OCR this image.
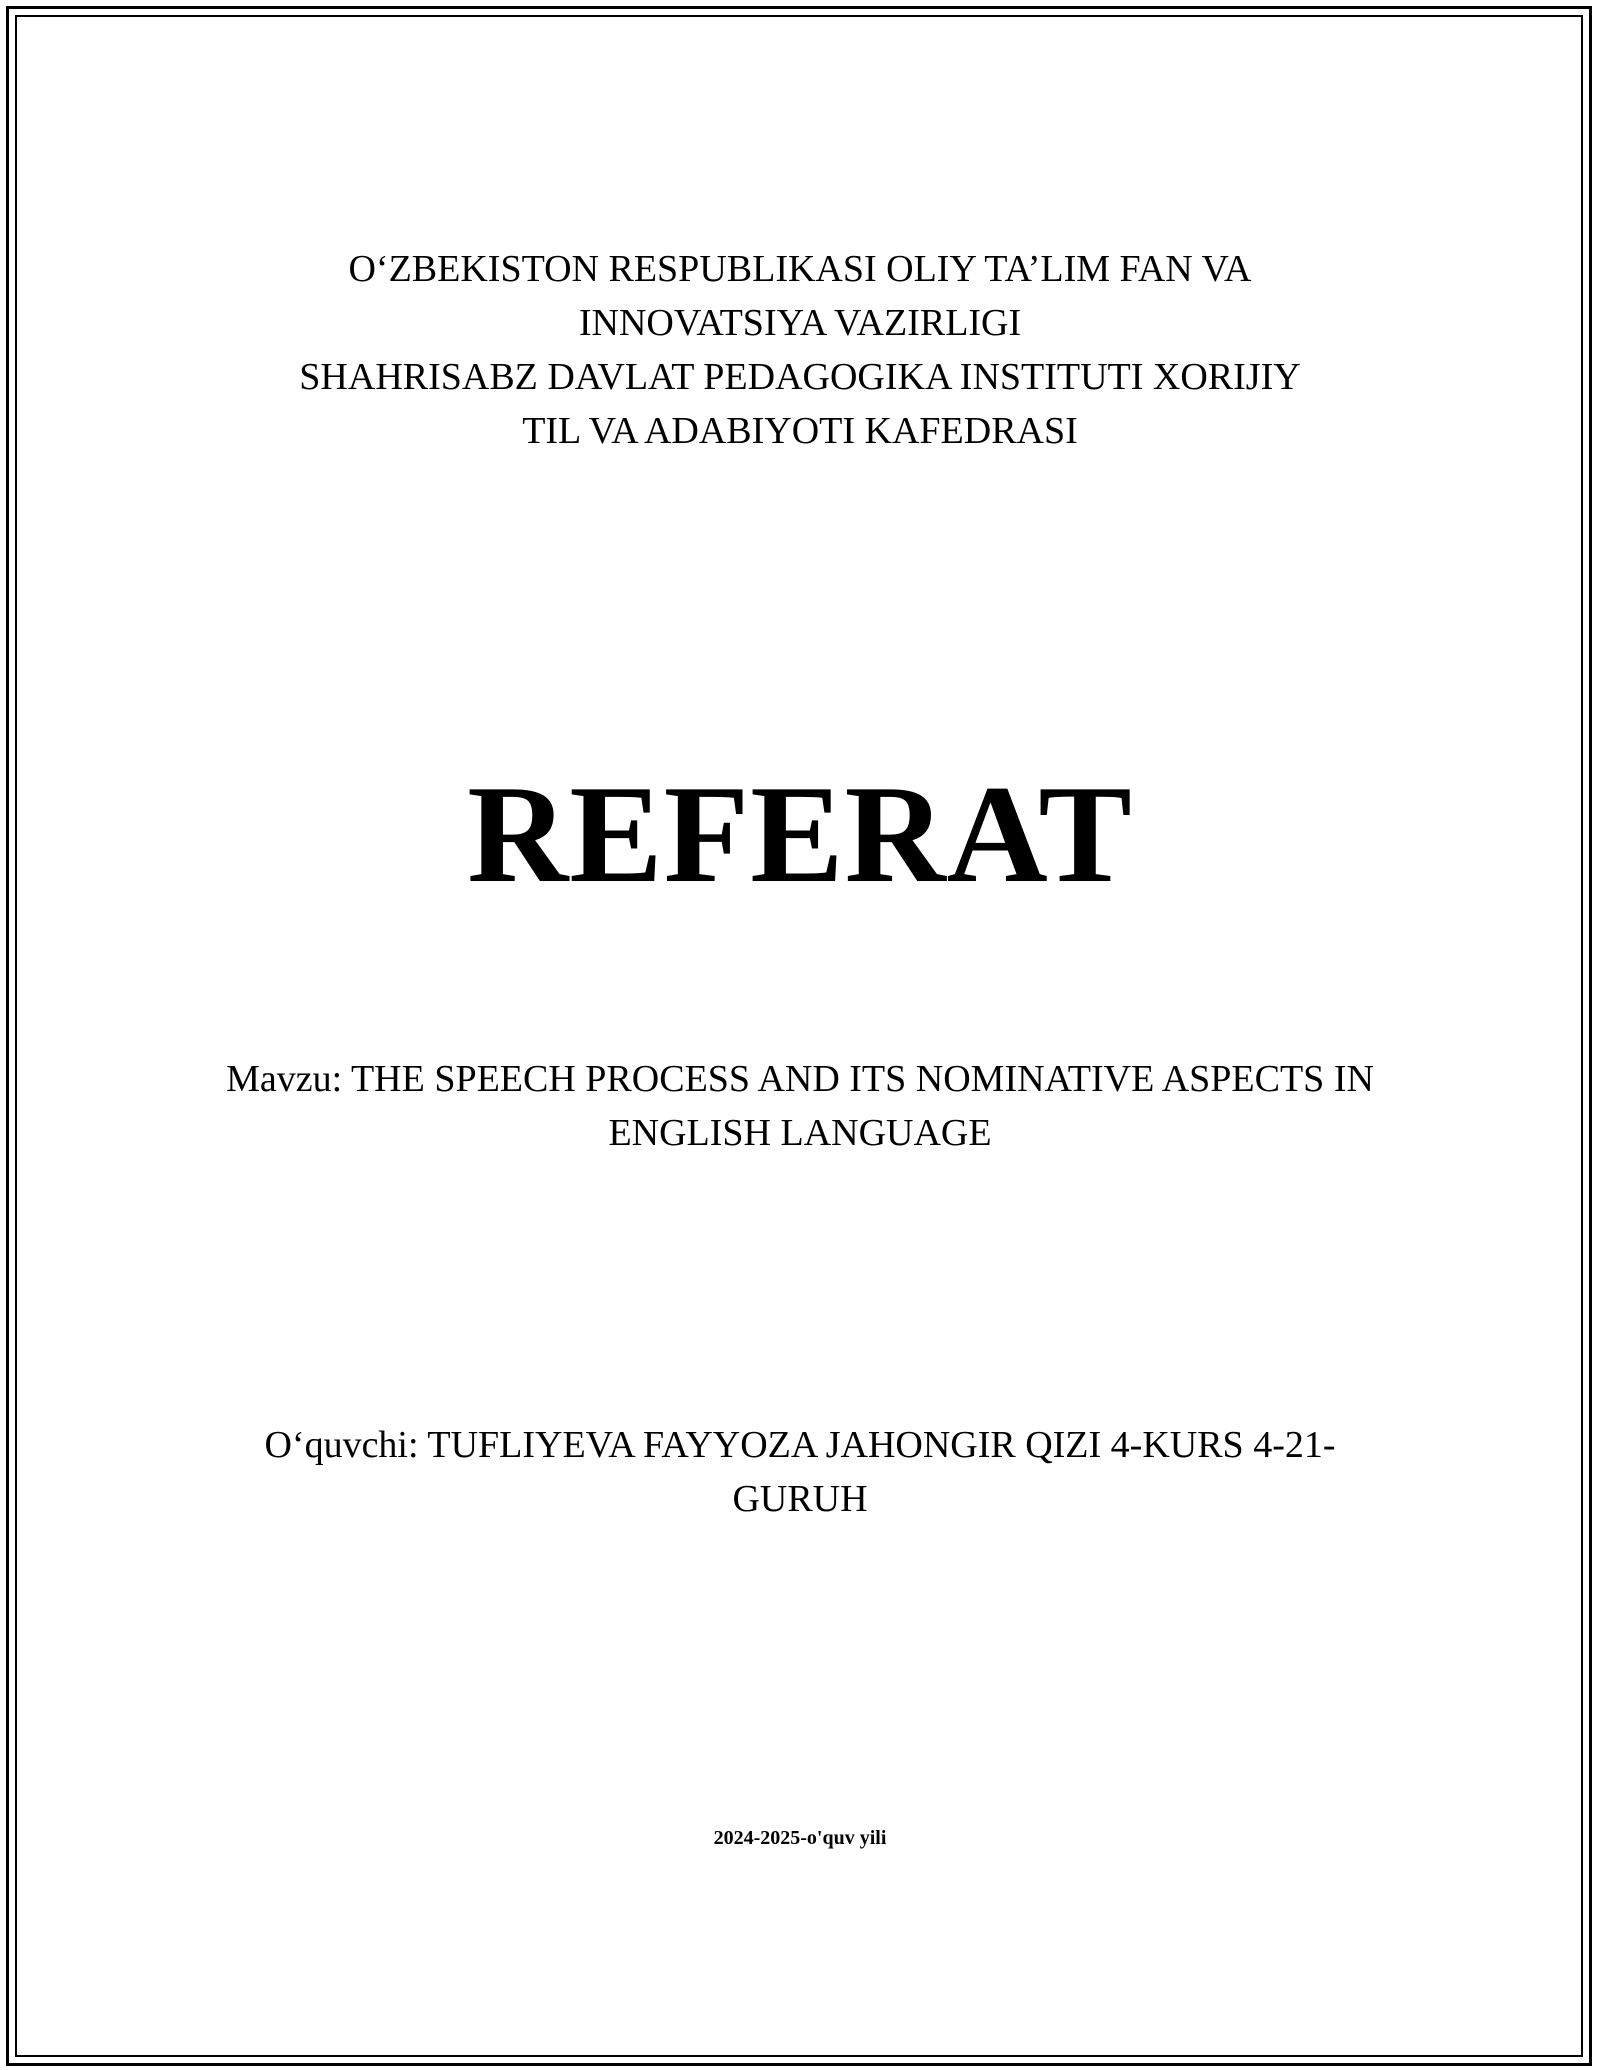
O‘ZBEKISTON RESPUBLIKASI OLIY TA’LIM FAN VA
INNOVATSIYA VAZIRLIGI
SHAHRISABZ DAVLAT PEDAGOGIKA INSTITUTI XORIJIY
TIL VA ADABIYOTI KAFEDRASI
REFERAT
Mavzu: THE SPEECH PROCESS AND ITS NOMINATIVE ASPECTS IN
ENGLISH LANGUAGE
O‘quvchi: TUFLIYEVA FAYYOZA JAHONGIR QIZI 4-KURS 4-21-
GURUH
2024-2025-o'quv yili
